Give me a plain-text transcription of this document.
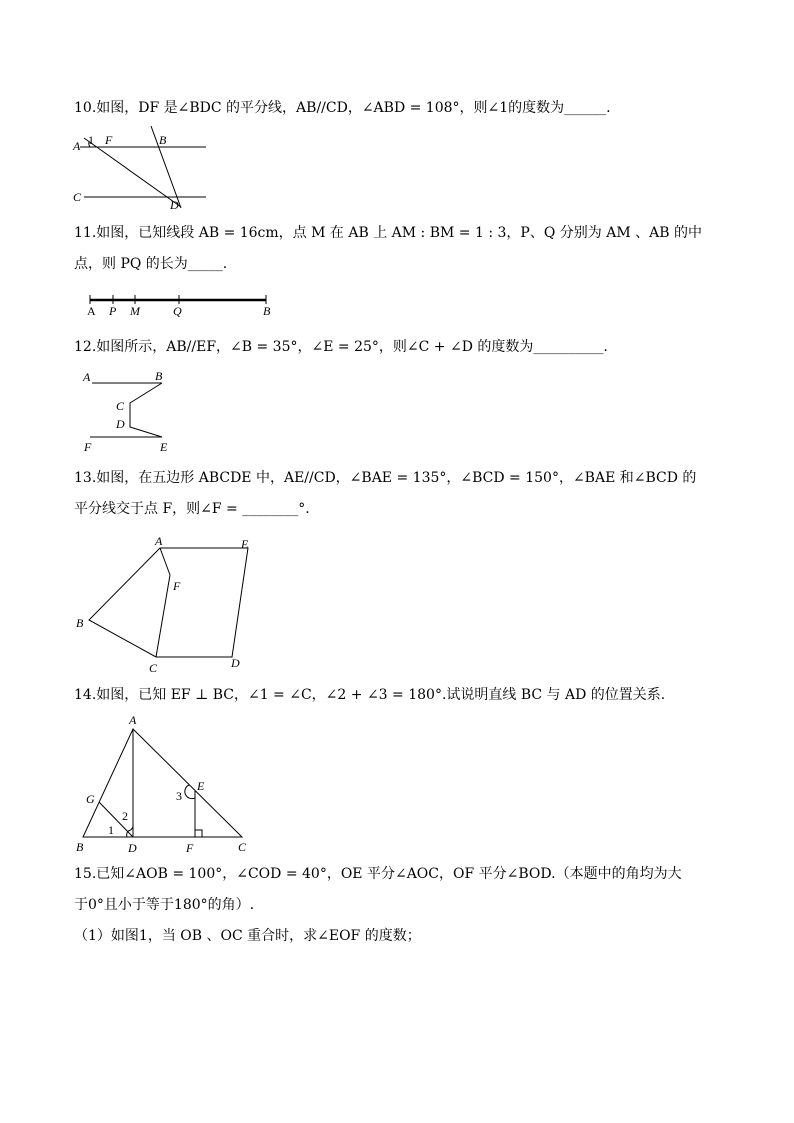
10.如图，DF 是∠BDC 的平分线，AB//CD，∠ABD = 108°，则∠1的度数为______.
A 1 F	B
C
D
11.如图，已知线段 AB = 16cm，点 M 在 AB 上 AM : BM = 1 : 3，P、Q 分别为 AM 、AB 的中
点，则 PQ 的长为_____.
A P M	Q	B
12.如图所示，AB//EF，∠B = 35°，∠E = 25°，则∠C + ∠D 的度数为__________.
A	B
C
D
F	E
13.如图，在五边形 ABCDE 中，AE//CD，∠BAE = 135°，∠BCD = 150°，∠BAE 和∠BCD 的
平分线交于点 F，则∠F = ________°.
A	E
F
B
C	D
14.如图，已知 EF ⊥ BC，∠1 = ∠C，∠2 + ∠3 = 180°.试说明直线 BC 与 AD 的位置关系.
A
G
E
3
2
1
B	D	F	C
15.已知∠AOB = 100°，∠COD = 40°，OE 平分∠AOC，OF 平分∠BOD.（本题中的角均为大
于0°且小于等于180°的角）.
（1）如图1，当 OB 、OC 重合时，求∠EOF 的度数；
